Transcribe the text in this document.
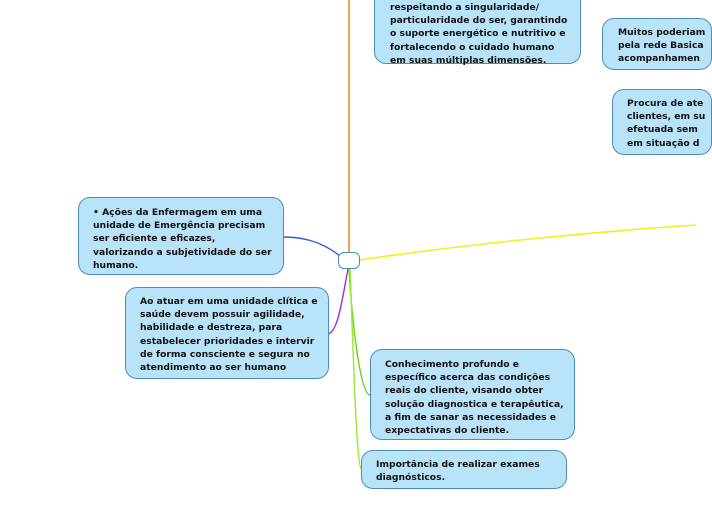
respeitando a singularidade/
particularidade do ser, garantindo
o suporte energético e nutritivo e
fortalecendo o cuidado humano
em suas múltiplas dimensões.
Muitos poderiam
pela rede Basica
acompanhamen
Procura de ate
clientes, em su
efetuada sem
em situação d
• Ações da Enfermagem em uma
unidade de Emergência precisam
ser eficiente e eficazes,
valorizando a subjetividade do ser
humano.
Ao atuar em uma unidade clítica e
saúde devem possuir agilidade,
habilidade e destreza, para
estabelecer prioridades e intervir
de forma consciente e segura no
atendimento ao ser humano	Conhecimento profundo e
específico acerca das condições
reais do cliente, visando obter
solução diagnostica e terapêutica,
a fim de sanar as necessidades e
expectativas do cliente.
Importância de realizar exames
diagnósticos.
